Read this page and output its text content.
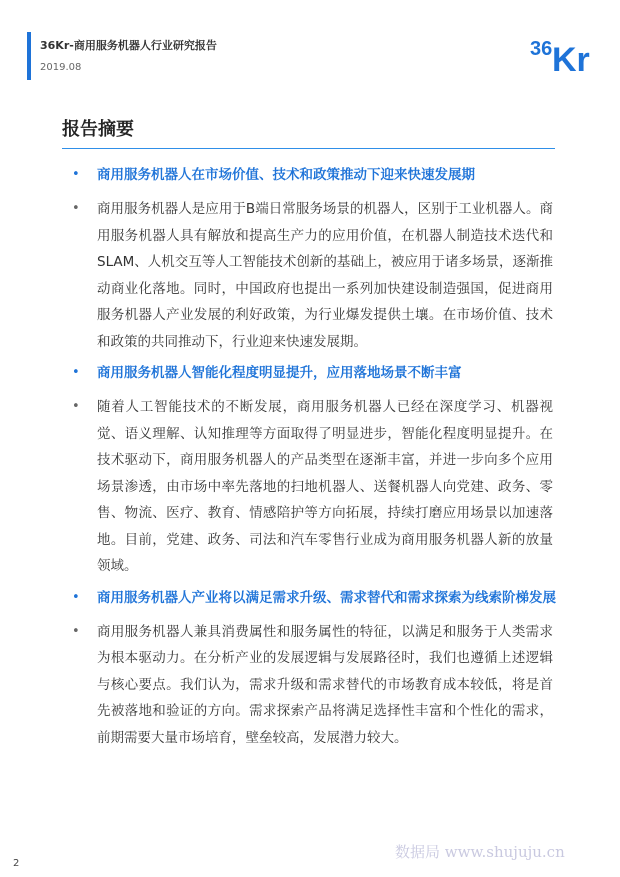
36Kr-商用服务机器人行业研究报告
2019.08
36 Kr
报告摘要
• 商用服务机器人在市场价值、技术和政策推动下迎来快速发展期
• 商用服务机器人是应用于B端日常服务场景的机器人，区别于工业机器人。商用服务机器人具有解放和提高生产力的应用价值，在机器人制造技术迭代和SLAM、人机交互等人工智能技术创新的基础上，被应用于诸多场景，逐渐推动商业化落地。同时，中国政府也提出一系列加快建设制造强国，促进商用服务机器人产业发展的利好政策，为行业爆发提供土壤。在市场价值、技术和政策的共同推动下，行业迎来快速发展期。
• 商用服务机器人智能化程度明显提升，应用落地场景不断丰富
• 随着人工智能技术的不断发展，商用服务机器人已经在深度学习、机器视觉、语义理解、认知推理等方面取得了明显进步，智能化程度明显提升。在技术驱动下，商用服务机器人的产品类型在逐渐丰富，并进一步向多个应用场景渗透，由市场中率先落地的扫地机器人、送餐机器人向党建、政务、零售、物流、医疗、教育、情感陪护等方向拓展，持续打磨应用场景以加速落地。目前，党建、政务、司法和汽车零售行业成为商用服务机器人新的放量领域。
• 商用服务机器人产业将以满足需求升级、需求替代和需求探索为线索阶梯发展
• 商用服务机器人兼具消费属性和服务属性的特征，以满足和服务于人类需求为根本驱动力。在分析产业的发展逻辑与发展路径时，我们也遵循上述逻辑与核心要点。我们认为，需求升级和需求替代的市场教育成本较低，将是首先被落地和验证的方向。需求探索产品将满足选择性丰富和个性化的需求，前期需要大量市场培育，壁垒较高，发展潜力较大。
2
数据局 www.shujuju.cn
